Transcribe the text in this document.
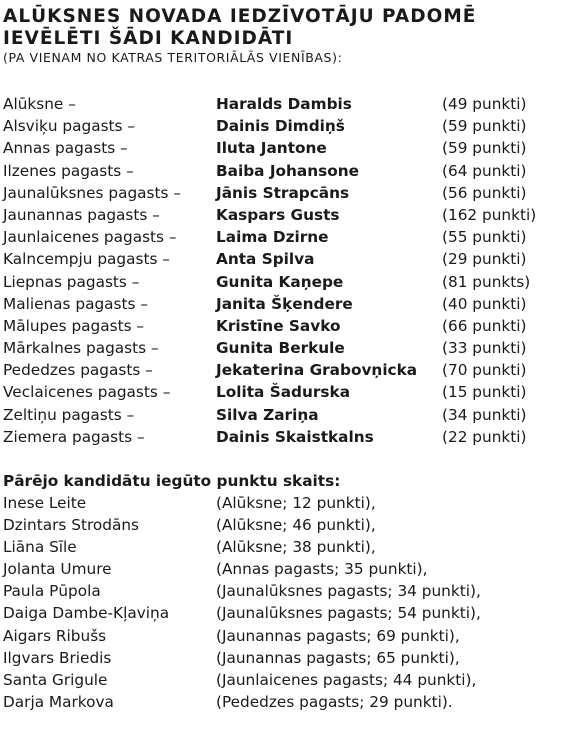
ALŪKSNES NOVADA IEDZĪVOTĀJU PADOMĒ
IEVĒLĒTI ŠĀDI KANDIDĀTI

(PA VIENAM NO KATRAS TERITORIĀLĀS VIENĪBAS):

Alūksne –	Haralds Dambis	(49 punkti)
Alsviķu pagasts –	Dainis Dimdiņš	(59 punkti)
Annas pagasts –	Iluta Jantone	(59 punkti)
Ilzenes pagasts –	Baiba Johansone	(64 punkti)
Jaunalūksnes pagasts – Jānis Strapcāns	(56 punkti)
Jaunannas pagasts –	Kaspars Gusts	(162 punkti)
Jaunlaicenes pagasts –	Laima Dzirne	(55 punkti)
Kalncempju pagasts –	Anta Spilva	(29 punkti)
Liepnas pagasts –	Gunita Kaņepe	(81 punkts)
Malienas pagasts –	Janita Šķendere	(40 punkti)
Mālupes pagasts –	Kristīne Savko	(66 punkti)
Mārkalnes pagasts –	Gunita Berkule	(33 punkti)
Pededzes pagasts –	Jekaterina Grabovņicka (70 punkti)
Veclaicenes pagasts –	Lolita Šadurska	(15 punkti)
Zeltiņu pagasts –	Silva Zariņa	(34 punkti)
Ziemera pagasts –	Dainis Skaistkalns	(22 punkti)
Pārējo kandidātu iegūto punktu skaits:
Inese Leite	(Alūksne; 12 punkti),
Dzintars Strodāns	(Alūksne; 46 punkti),
Liāna Sīle	(Alūksne; 38 punkti),
Jolanta Umure	(Annas pagasts; 35 punkti),
Paula Pūpola	(Jaunalūksnes pagasts; 34 punkti),
Daiga Dambe-Kļaviņa	(Jaunalūksnes pagasts; 54 punkti),
Aigars Ribušs	(Jaunannas pagasts; 69 punkti),
Ilgvars Briedis	(Jaunannas pagasts; 65 punkti),
Santa Grigule	(Jaunlaicenes pagasts; 44 punkti),
Darja Markova	(Pededzes pagasts; 29 punkti).
